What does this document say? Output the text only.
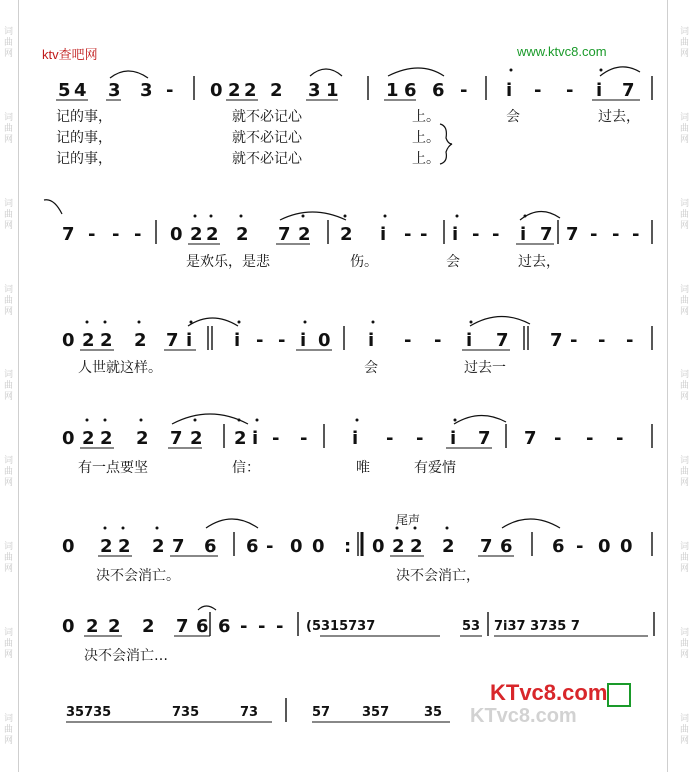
词曲网
词曲网
词曲网
词曲网
词曲网
词曲网
词曲网
词曲网
词曲网
词曲网
词曲网
词曲网
词曲网
词曲网
词曲网
词曲网
词曲网
词曲网
ktv查吧网	www.ktvc8.com
5 4 3 3 - 0 2 2 2 3 1	1 6 6 - i - - i 7
记的事，	就不必记心	上。	会	过去，
记的事，	就不必记心	上。
记的事，	就不必记心	上。
7 - - - 0 2 2 2 7 2 2 i - - i - - i 7 7 - - -
是欢乐，是悲	伤。	会	过去，
0 2 2 2 7 i i - - i 0 i - - i 7 7 - - -
人世就这样。	会	过去一
0 2 2 2 7 2 2 i - - i - - i 7 7 - - -
有一点要坚	信：	唯	有爱情
尾声
0 2 2 2 7 6 6 - 0 0 : 0 2 2 2 7 6 6 - 0 0
决不会消亡。	决不会消亡，
0 2 2 2 7 6 6 - - - (5315737	53 7i37 3735 7
决不会消亡…
35735	735	73	57 357	35
KTvc8.com
KTvc8.com
